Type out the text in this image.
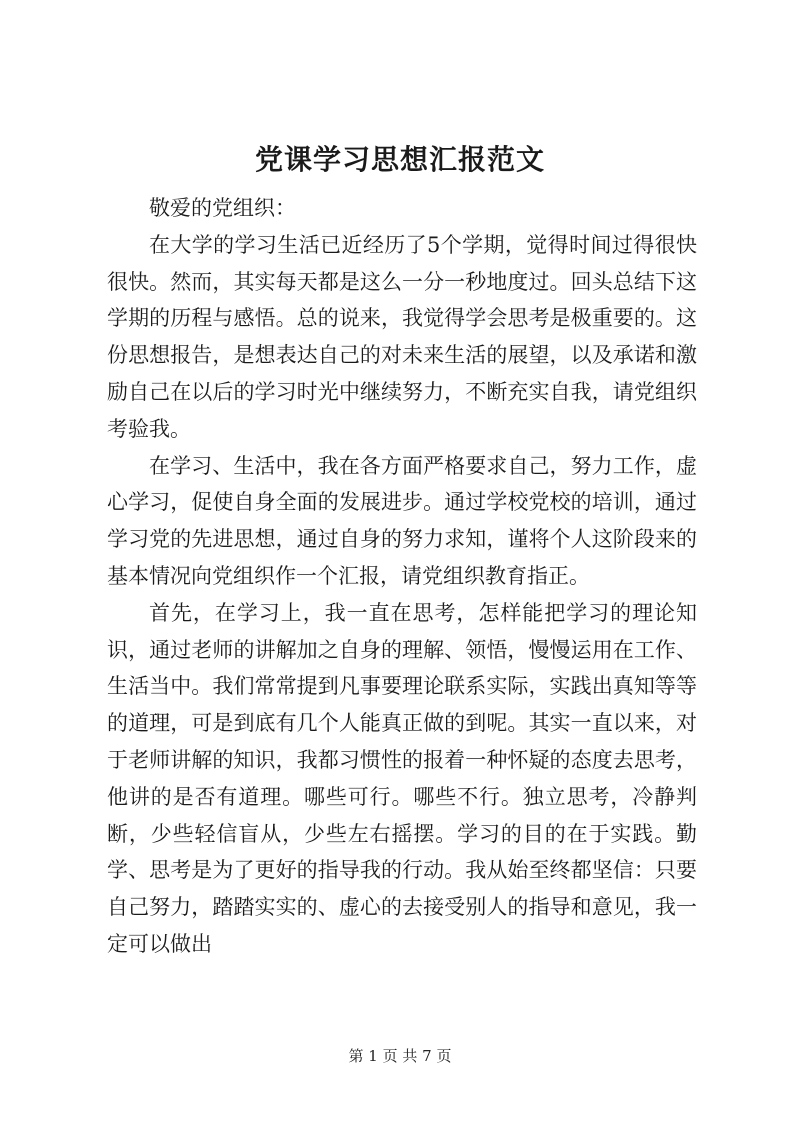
党课学习思想汇报范文

敬爱的党组织：

在大学的学习生活已近经历了5个学期，觉得时间过得很快很快。然而，其实每天都是这么一分一秒地度过。回头总结下这学期的历程与感悟。总的说来，我觉得学会思考是极重要的。这份思想报告，是想表达自己的对未来生活的展望，以及承诺和激励自己在以后的学习时光中继续努力，不断充实自我，请党组织考验我。

在学习、生活中，我在各方面严格要求自己，努力工作，虚心学习，促使自身全面的发展进步。通过学校党校的培训，通过学习党的先进思想，通过自身的努力求知，谨将个人这阶段来的基本情况向党组织作一个汇报，请党组织教育指正。

首先，在学习上，我一直在思考，怎样能把学习的理论知识，通过老师的讲解加之自身的理解、领悟，慢慢运用在工作、生活当中。我们常常提到凡事要理论联系实际，实践出真知等等的道理，可是到底有几个人能真正做的到呢。其实一直以来，对于老师讲解的知识，我都习惯性的报着一种怀疑的态度去思考，他讲的是否有道理。哪些可行。哪些不行。独立思考，冷静判断，少些轻信盲从，少些左右摇摆。学习的目的在于实践。勤学、思考是为了更好的指导我的行动。我从始至终都坚信：只要自己努力，踏踏实实的、虚心的去接受别人的指导和意见，我一定可以做出

第 1 页 共 7 页
